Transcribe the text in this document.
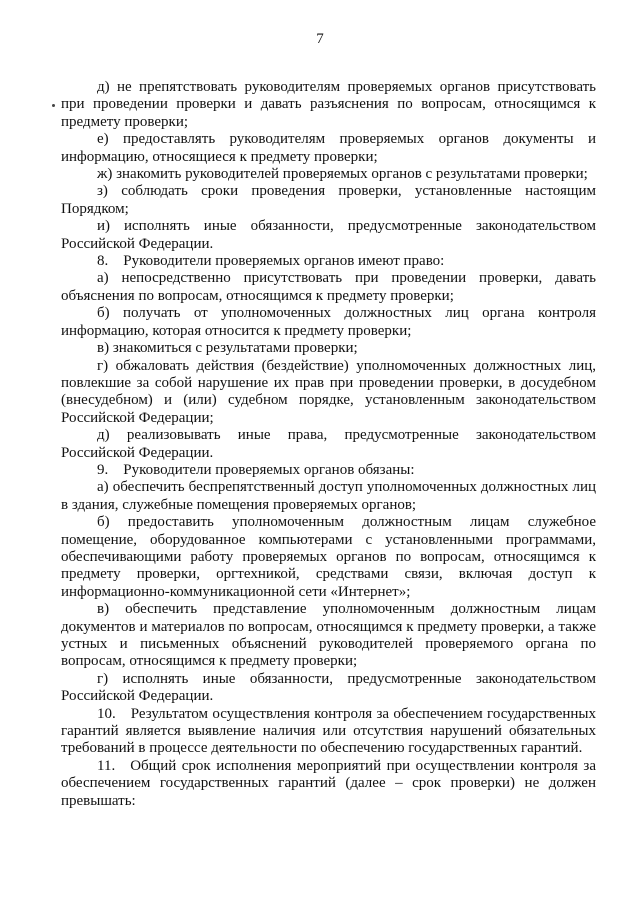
7

д) не препятствовать руководителям проверяемых органов присутствовать при проведении проверки и давать разъяснения по вопросам, относящимся к предмету проверки;

е) предоставлять руководителям проверяемых органов документы и информацию, относящиеся к предмету проверки;

ж) знакомить руководителей проверяемых органов с результатами проверки;

з) соблюдать сроки проведения проверки, установленные настоящим Порядком;

и) исполнять иные обязанности, предусмотренные законодательством Российской Федерации.

8. Руководители проверяемых органов имеют право:

а) непосредственно присутствовать при проведении проверки, давать объяснения по вопросам, относящимся к предмету проверки;

б) получать от уполномоченных должностных лиц органа контроля информацию, которая относится к предмету проверки;

в) знакомиться с результатами проверки;

г) обжаловать действия (бездействие) уполномоченных должностных лиц, повлекшие за собой нарушение их прав при проведении проверки, в досудебном (внесудебном) и (или) судебном порядке, установленным законодательством Российской Федерации;

д) реализовывать иные права, предусмотренные законодательством Российской Федерации.

9. Руководители проверяемых органов обязаны:

а) обеспечить беспрепятственный доступ уполномоченных должностных лиц в здания, служебные помещения проверяемых органов;

б) предоставить уполномоченным должностным лицам служебное помещение, оборудованное компьютерами с установленными программами, обеспечивающими работу проверяемых органов по вопросам, относящимся к предмету проверки, оргтехникой, средствами связи, включая доступ к информационно-коммуникационной сети «Интернет»;

в) обеспечить представление уполномоченным должностным лицам документов и материалов по вопросам, относящимся к предмету проверки, а также устных и письменных объяснений руководителей проверяемого органа по вопросам, относящимся к предмету проверки;

г) исполнять иные обязанности, предусмотренные законодательством Российской Федерации.

10. Результатом осуществления контроля за обеспечением государственных гарантий является выявление наличия или отсутствия нарушений обязательных требований в процессе деятельности по обеспечению государственных гарантий.

11. Общий срок исполнения мероприятий при осуществлении контроля за обеспечением государственных гарантий (далее – срок проверки) не должен превышать:
